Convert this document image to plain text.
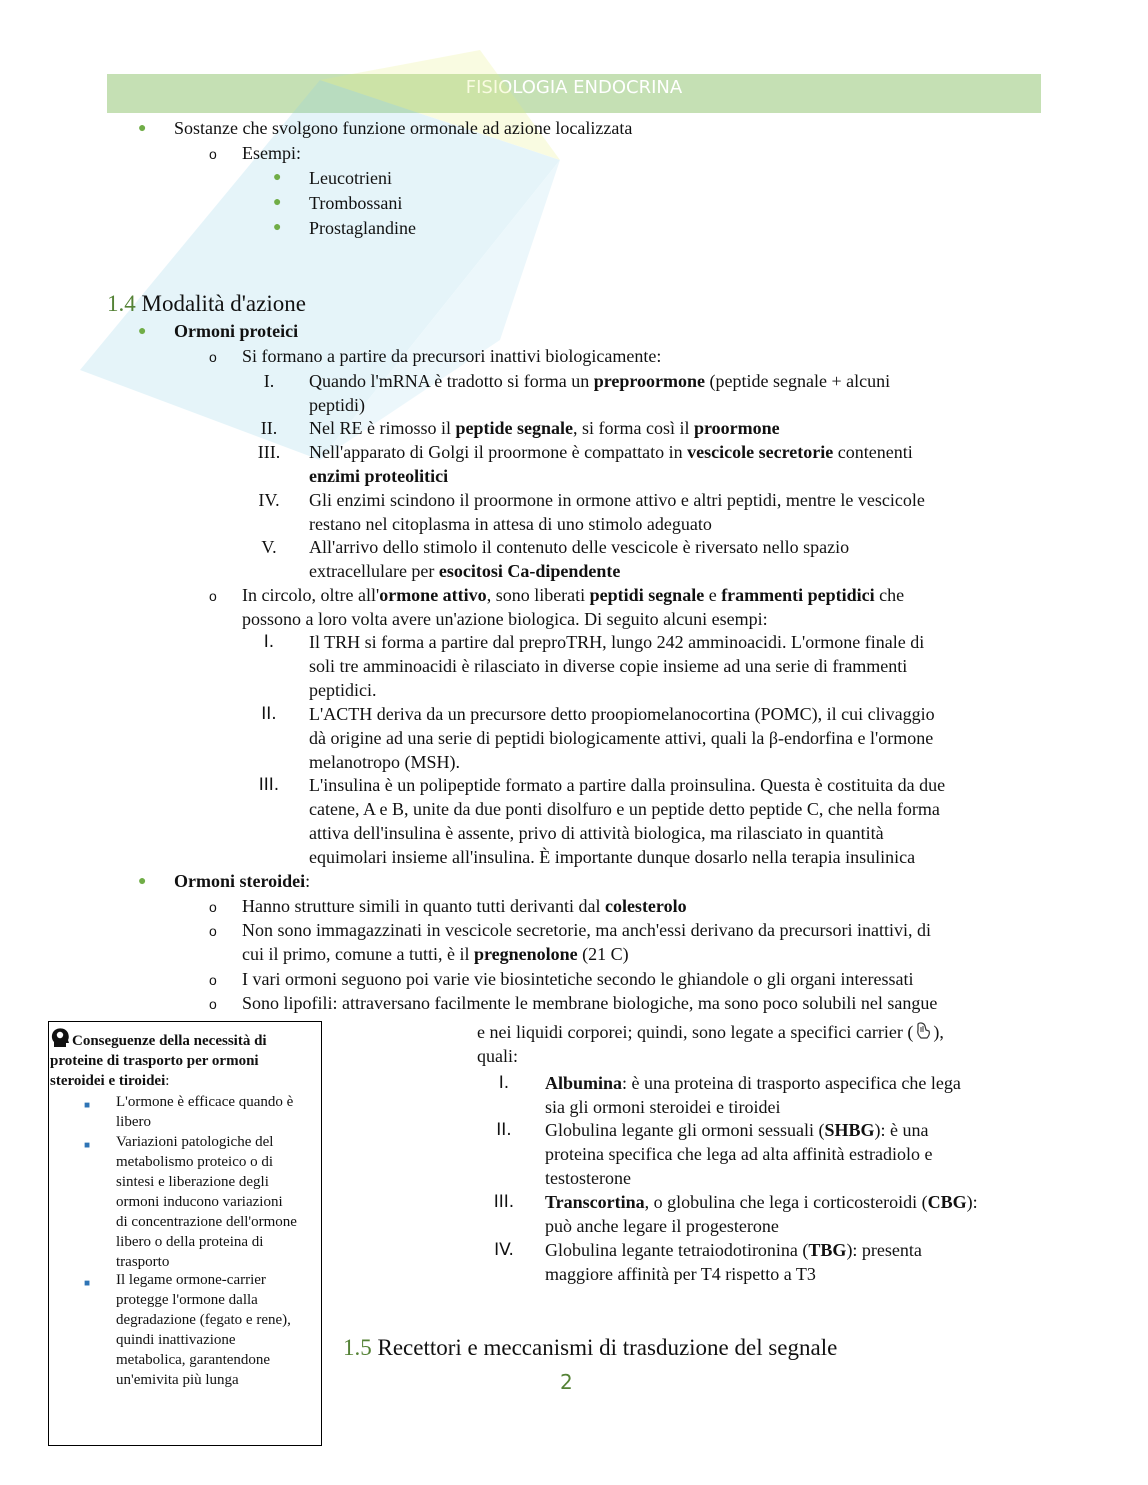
FISIOLOGIA ENDOCRINA
● Sostanze che svolgono funzione ormonale ad azione localizzata
o Esempi:
● Leucotrieni
● Trombossani
● Prostaglandine
1.4 Modalità d'azione
● Ormoni proteici
o Si formano a partire da precursori inattivi biologicamente:
I.	Quando l'mRNA è tradotto si forma un preproormone (peptide segnale + alcuni
peptidi)
II.	Nel RE è rimosso il peptide segnale, si forma così il proormone
III.	Nell'apparato di Golgi il proormone è compattato in vescicole secretorie contenenti
enzimi proteolitici
IV.	Gli enzimi scindono il proormone in ormone attivo e altri peptidi, mentre le vescicole
restano nel citoplasma in attesa di uno stimolo adeguato
V.	All'arrivo dello stimolo il contenuto delle vescicole è riversato nello spazio
extracellulare per esocitosi Ca-dipendente
o In circolo, oltre all'ormone attivo, sono liberati peptidi segnale e frammenti peptidici che
possono a loro volta avere un'azione biologica. Di seguito alcuni esempi:
I.	Il TRH si forma a partire dal preproTRH, lungo 242 amminoacidi. L'ormone finale di
soli tre amminoacidi è rilasciato in diverse copie insieme ad una serie di frammenti
peptidici.
II.	L'ACTH deriva da un precursore detto proopiomelanocortina (POMC), il cui clivaggio
dà origine ad una serie di peptidi biologicamente attivi, quali la β-endorfina e l'ormone
melanotropo (MSH).
III.	L'insulina è un polipeptide formato a partire dalla proinsulina. Questa è costituita da due
catene, A e B, unite da due ponti disolfuro e un peptide detto peptide C, che nella forma
attiva dell'insulina è assente, privo di attività biologica, ma rilasciato in quantità
equimolari insieme all'insulina. È importante dunque dosarlo nella terapia insulinica
● Ormoni steroidei:
o Hanno strutture simili in quanto tutti derivanti dal colesterolo
o Non sono immagazzinati in vescicole secretorie, ma anch'essi derivano da precursori inattivi, di
cui il primo, comune a tutti, è il pregnenolone (21 C)
o I vari ormoni seguono poi varie vie biosintetiche secondo le ghiandole o gli organi interessati
o Sono lipofili: attraversano facilmente le membrane biologiche, ma sono poco solubili nel sangue
e nei liquidi corporei; quindi, sono legate a specifici carrier ( ),
quali:
I.	Albumina: è una proteina di trasporto aspecifica che lega
sia gli ormoni steroidei e tiroidei
II.	Globulina legante gli ormoni sessuali (SHBG): è una
proteina specifica che lega ad alta affinità estradiolo e
testosterone
III.	Transcortina, o globulina che lega i corticosteroidi (CBG):
può anche legare il progesterone
IV.	Globulina legante tetraiodotironina (TBG): presenta
maggiore affinità per T4 rispetto a T3
Conseguenze della necessità di
proteine di trasporto per ormoni
steroidei e tiroidei:
■ L'ormone è efficace quando è
libero
■ Variazioni patologiche del
metabolismo proteico o di
sintesi e liberazione degli
ormoni inducono variazioni
di concentrazione dell'ormone
libero o della proteina di
trasporto
■ Il legame ormone-carrier
protegge l'ormone dalla
degradazione (fegato e rene),
quindi inattivazione
metabolica, garantendone
un'emivita più lunga
1.5 Recettori e meccanismi di trasduzione del segnale
2
